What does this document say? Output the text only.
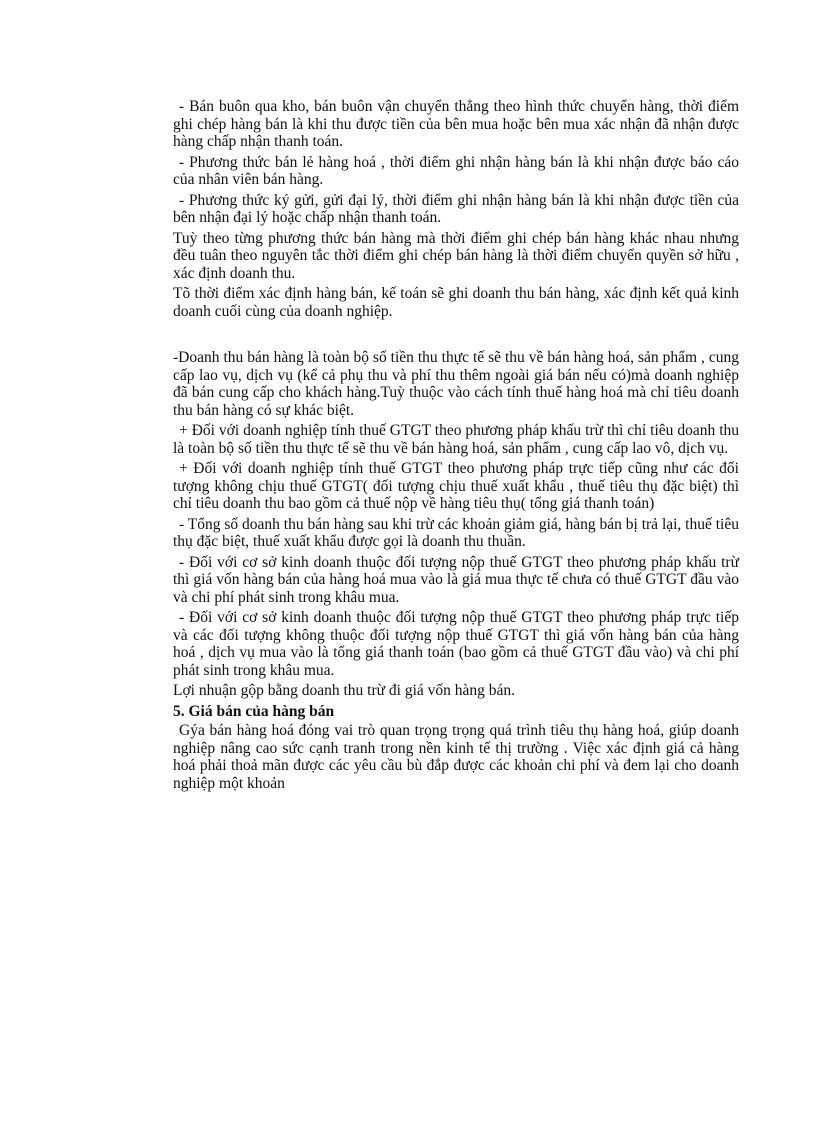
- Bán buôn qua kho, bán buôn vận chuyển thẳng theo hình thức chuyển hàng, thời điểm ghi chép hàng bán là khi thu được tiền của bên mua hoặc bên mua xác nhận đã nhận được hàng chấp nhận thanh toán.

- Phương thức bán lẻ hàng hoá , thời điểm ghi nhận hàng bán là khi nhận được báo cáo của nhân viên bán hàng.

- Phương thức ký gửi, gửi đại lý, thời điểm ghi nhận hàng bán là khi nhận được tiền của bên nhận đại lý hoặc chấp nhận thanh toán.

Tuỳ theo từng phương thức bán hàng mà thời điểm ghi chép bán hàng khác nhau nhưng đều tuân theo nguyên tắc thời điểm ghi chép bán hàng là thời điểm chuyển quyền sở hữu , xác định doanh thu.

Tõ thời điểm xác định hàng bán, kế toán sẽ ghi doanh thu bán hàng, xác định kết quả kinh doanh cuối cùng của doanh nghiệp.

-Doanh thu bán hàng là toàn bộ số tiền thu thực tế sẽ thu về bán hàng hoá, sản phẩm , cung cấp lao vụ, dịch vụ (kể cả phụ thu và phí thu thêm ngoài giá bán nếu có)mà doanh nghiệp đã bán cung cấp cho khách hàng.Tuỳ thuộc vào cách tính thuế hàng hoá mà chỉ tiêu doanh thu bán hàng có sự khác biệt.

+ Đối với doanh nghiệp tính thuế GTGT theo phương pháp khấu trừ thì chỉ tiêu doanh thu là toàn bộ số tiền thu thực tế sẽ thu về bán hàng hoá, sản phẩm , cung cấp lao vô, dịch vụ.

+ Đối với doanh nghiệp tính thuế GTGT theo phương pháp trực tiếp cũng như các đối tượng không chịu thuế GTGT( đối tượng chịu thuế xuất khẩu , thuế tiêu thụ đặc biệt) thì chỉ tiêu doanh thu bao gồm cả thuế nộp về hàng tiêu thụ( tổng giá thanh toán)

- Tổng số doanh thu bán hàng sau khi trừ các khoản giảm giá, hàng bán bị trả lại, thuế tiêu thụ đặc biệt, thuế xuất khẩu được gọi là doanh thu thuần.

- Đối với cơ sở kinh doanh thuộc đối tượng nộp thuế GTGT theo phương pháp khấu trừ thì giá vốn hàng bán của hàng hoá mua vào là giá mua thực tế chưa có thuế GTGT đầu vào và chi phí phát sinh trong khâu mua.

- Đối với cơ sở kinh doanh thuộc đối tượng nộp thuế GTGT theo phương pháp trực tiếp và các đối tượng không thuộc đối tượng nộp thuế GTGT thì giá vốn hàng bán của hàng hoá , dịch vụ mua vào là tổng giá thanh toán (bao gồm cả thuế GTGT đầu vào) và chi phí phát sinh trong khâu mua.

Lợi nhuận gộp bằng doanh thu trừ đi giá vốn hàng bán.

5. Giá bán của hàng bán

Gýa bán hàng hoá đóng vai trò quan trọng trọng quá trình tiêu thụ hàng hoá, giúp doanh nghiệp nâng cao sức cạnh tranh trong nền kinh tế thị trường . Việc xác định giá cả hàng hoá phải thoả mãn được các yêu cầu bù đắp được các khoản chi phí và đem lại cho doanh nghiệp một khoản
